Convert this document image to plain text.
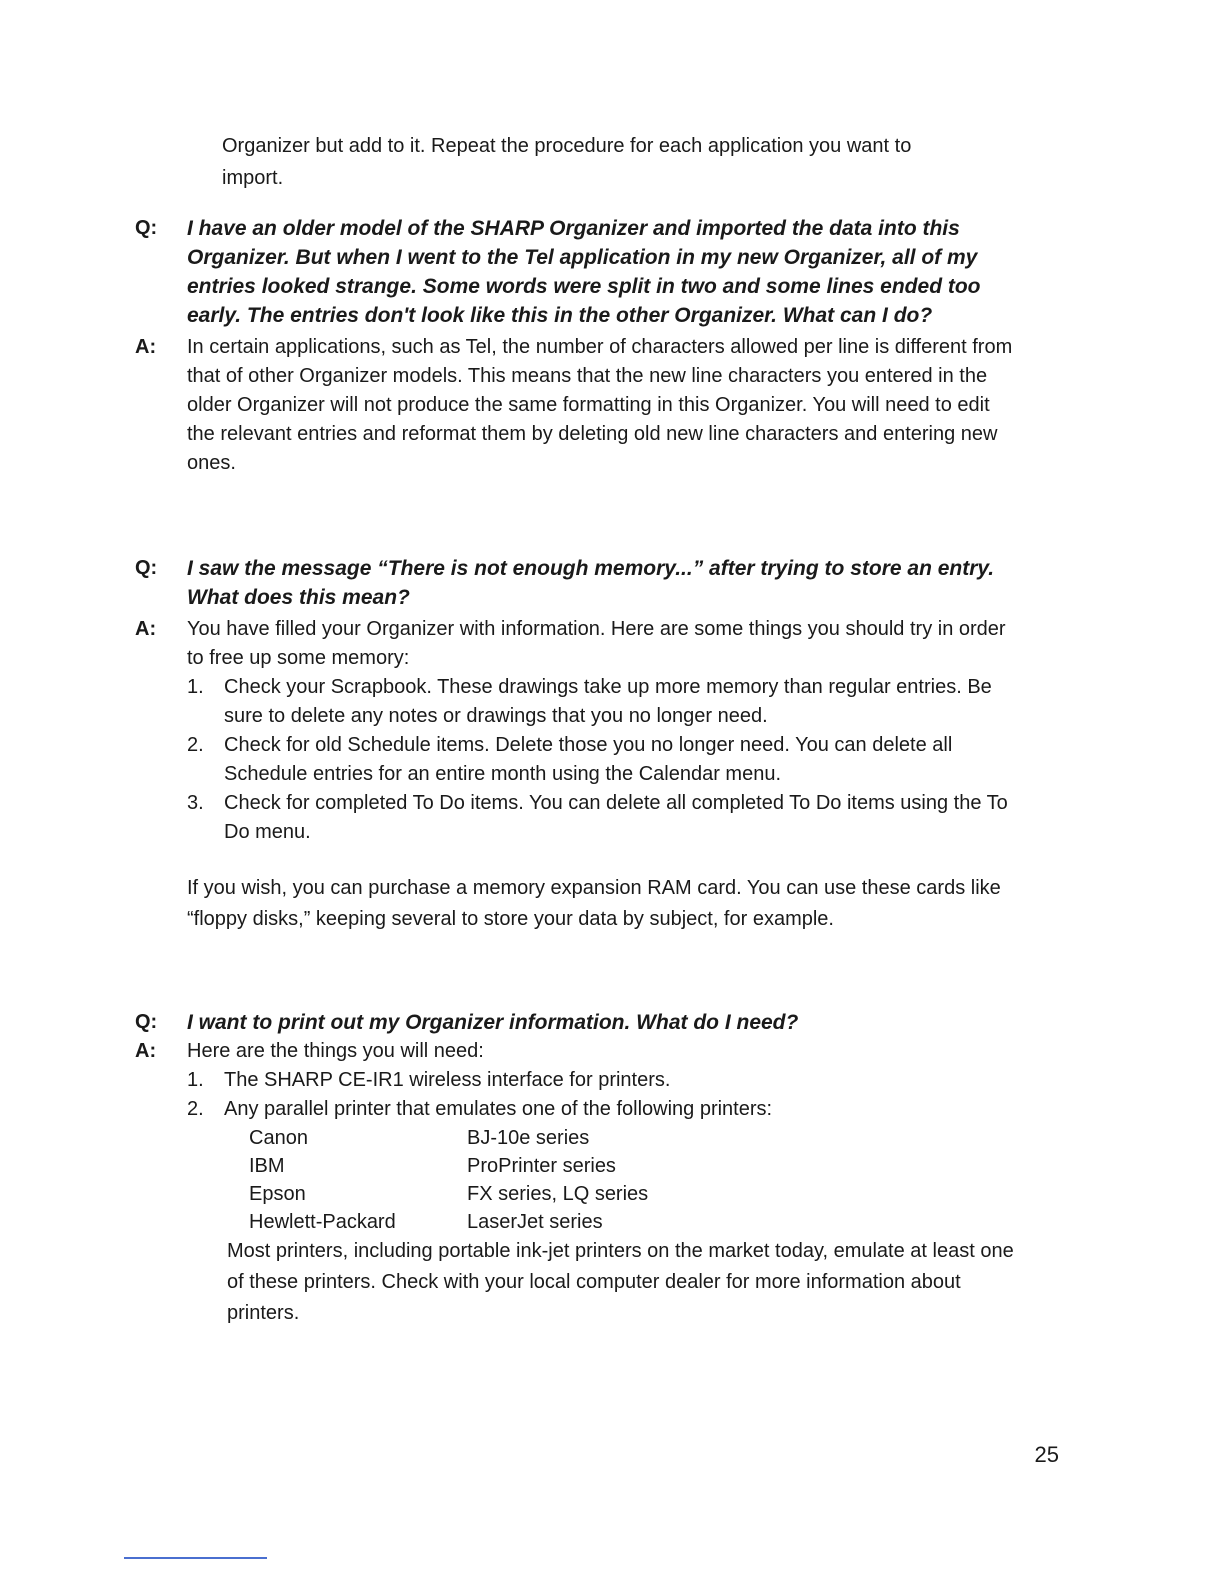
Organizer but add to it. Repeat the procedure for each application you want to import.

Q:	I have an older model of the SHARP Organizer and imported the data into this Organizer. But when I went to the Tel application in my new Organizer, all of my entries looked strange. Some words were split in two and some lines ended too early. The entries don't look like this in the other Organizer. What can I do?

A:	In certain applications, such as Tel, the number of characters allowed per line is different from that of other Organizer models. This means that the new line characters you entered in the older Organizer will not produce the same formatting in this Organizer. You will need to edit the relevant entries and reformat them by deleting old new line characters and entering new ones.

Q:	I saw the message “There is not enough memory...” after trying to store an entry. What does this mean?

A:	You have filled your Organizer with information. Here are some things you should try in order to free up some memory:

1.	Check your Scrapbook. These drawings take up more memory than regular entries. Be sure to delete any notes or drawings that you no longer need.
2.	Check for old Schedule items. Delete those you no longer need. You can delete all Schedule entries for an entire month using the Calendar menu.
3.	Check for completed To Do items. You can delete all completed To Do items using the To Do menu.

If you wish, you can purchase a memory expansion RAM card. You can use these cards like “floppy disks,” keeping several to store your data by subject, for example.

Q:	I want to print out my Organizer information. What do I need?

A:	Here are the things you will need:

1.	The SHARP CE-IR1 wireless interface for printers.
2.	Any parallel printer that emulates one of the following printers:
Canon	BJ-10e series
IBM	ProPrinter series
Epson	FX series, LQ series
Hewlett-Packard	LaserJet series

Most printers, including portable ink-jet printers on the market today, emulate at least one of these printers. Check with your local computer dealer for more information about printers.

25
